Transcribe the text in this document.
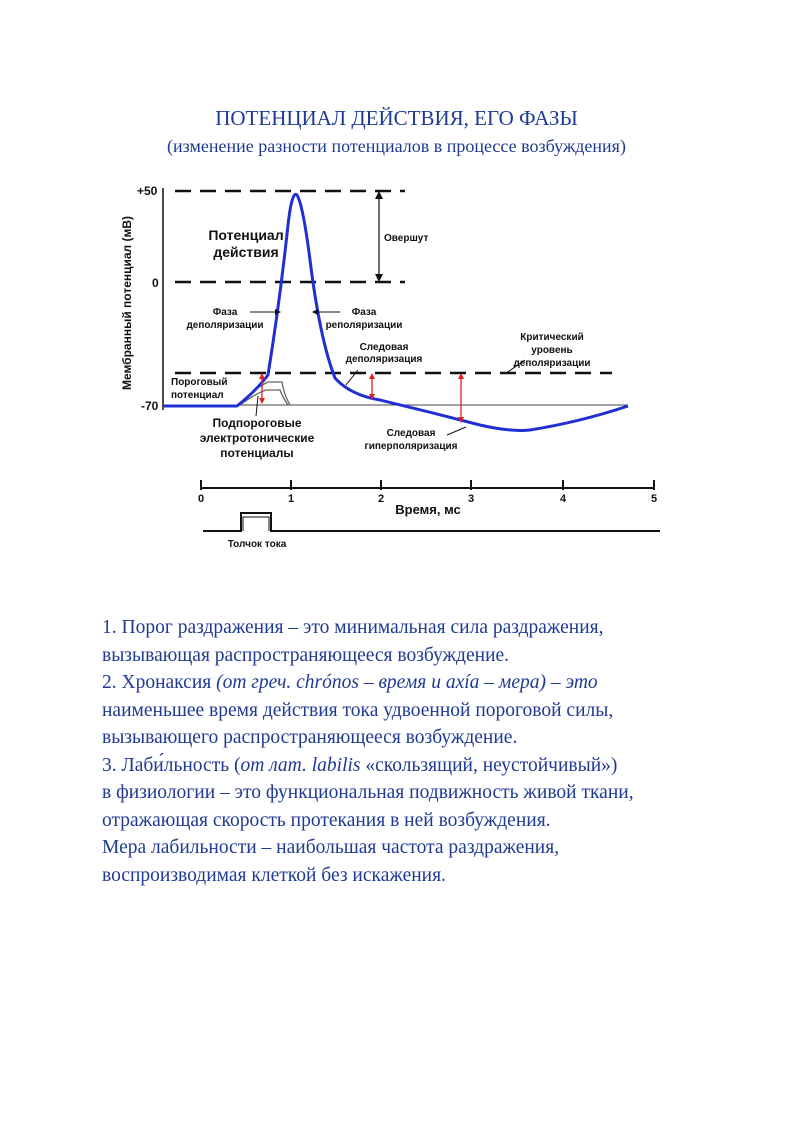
ПОТЕНЦИАЛ ДЕЙСТВИЯ, ЕГО ФАЗЫ
(изменение разности потенциалов в процессе возбуждения)
Мембранный потенциал (мВ)
+50
0
-70
Потенциал
действия
Овершут
Фаза
деполяризации
Фаза
реполяризации
Следовая
деполяризация
Критический
уровень
деполяризации
Пороговый
потенциал
Подпороговые
электротонические
потенциалы
Следовая
гиперполяризация
0	1	2	3	4	5
Время, мс
Толчок тока

1. Порог раздражения – это минимальная сила раздражения,

вызывающая распространяющееся возбуждение.

2. Хронаксия (от греч. chrónos – время и axía – мера) – это

наименьшее время действия тока удвоенной пороговой силы,

вызывающего распространяющееся возбуждение.

3. Лаби́льность (от лат. labilis «скользящий, неустойчивый»)

в физиологии – это функциональная подвижность живой ткани,

отражающая скорость протекания в ней возбуждения.

Мера лабильности – наибольшая частота раздражения,

воспроизводимая клеткой без искажения.
